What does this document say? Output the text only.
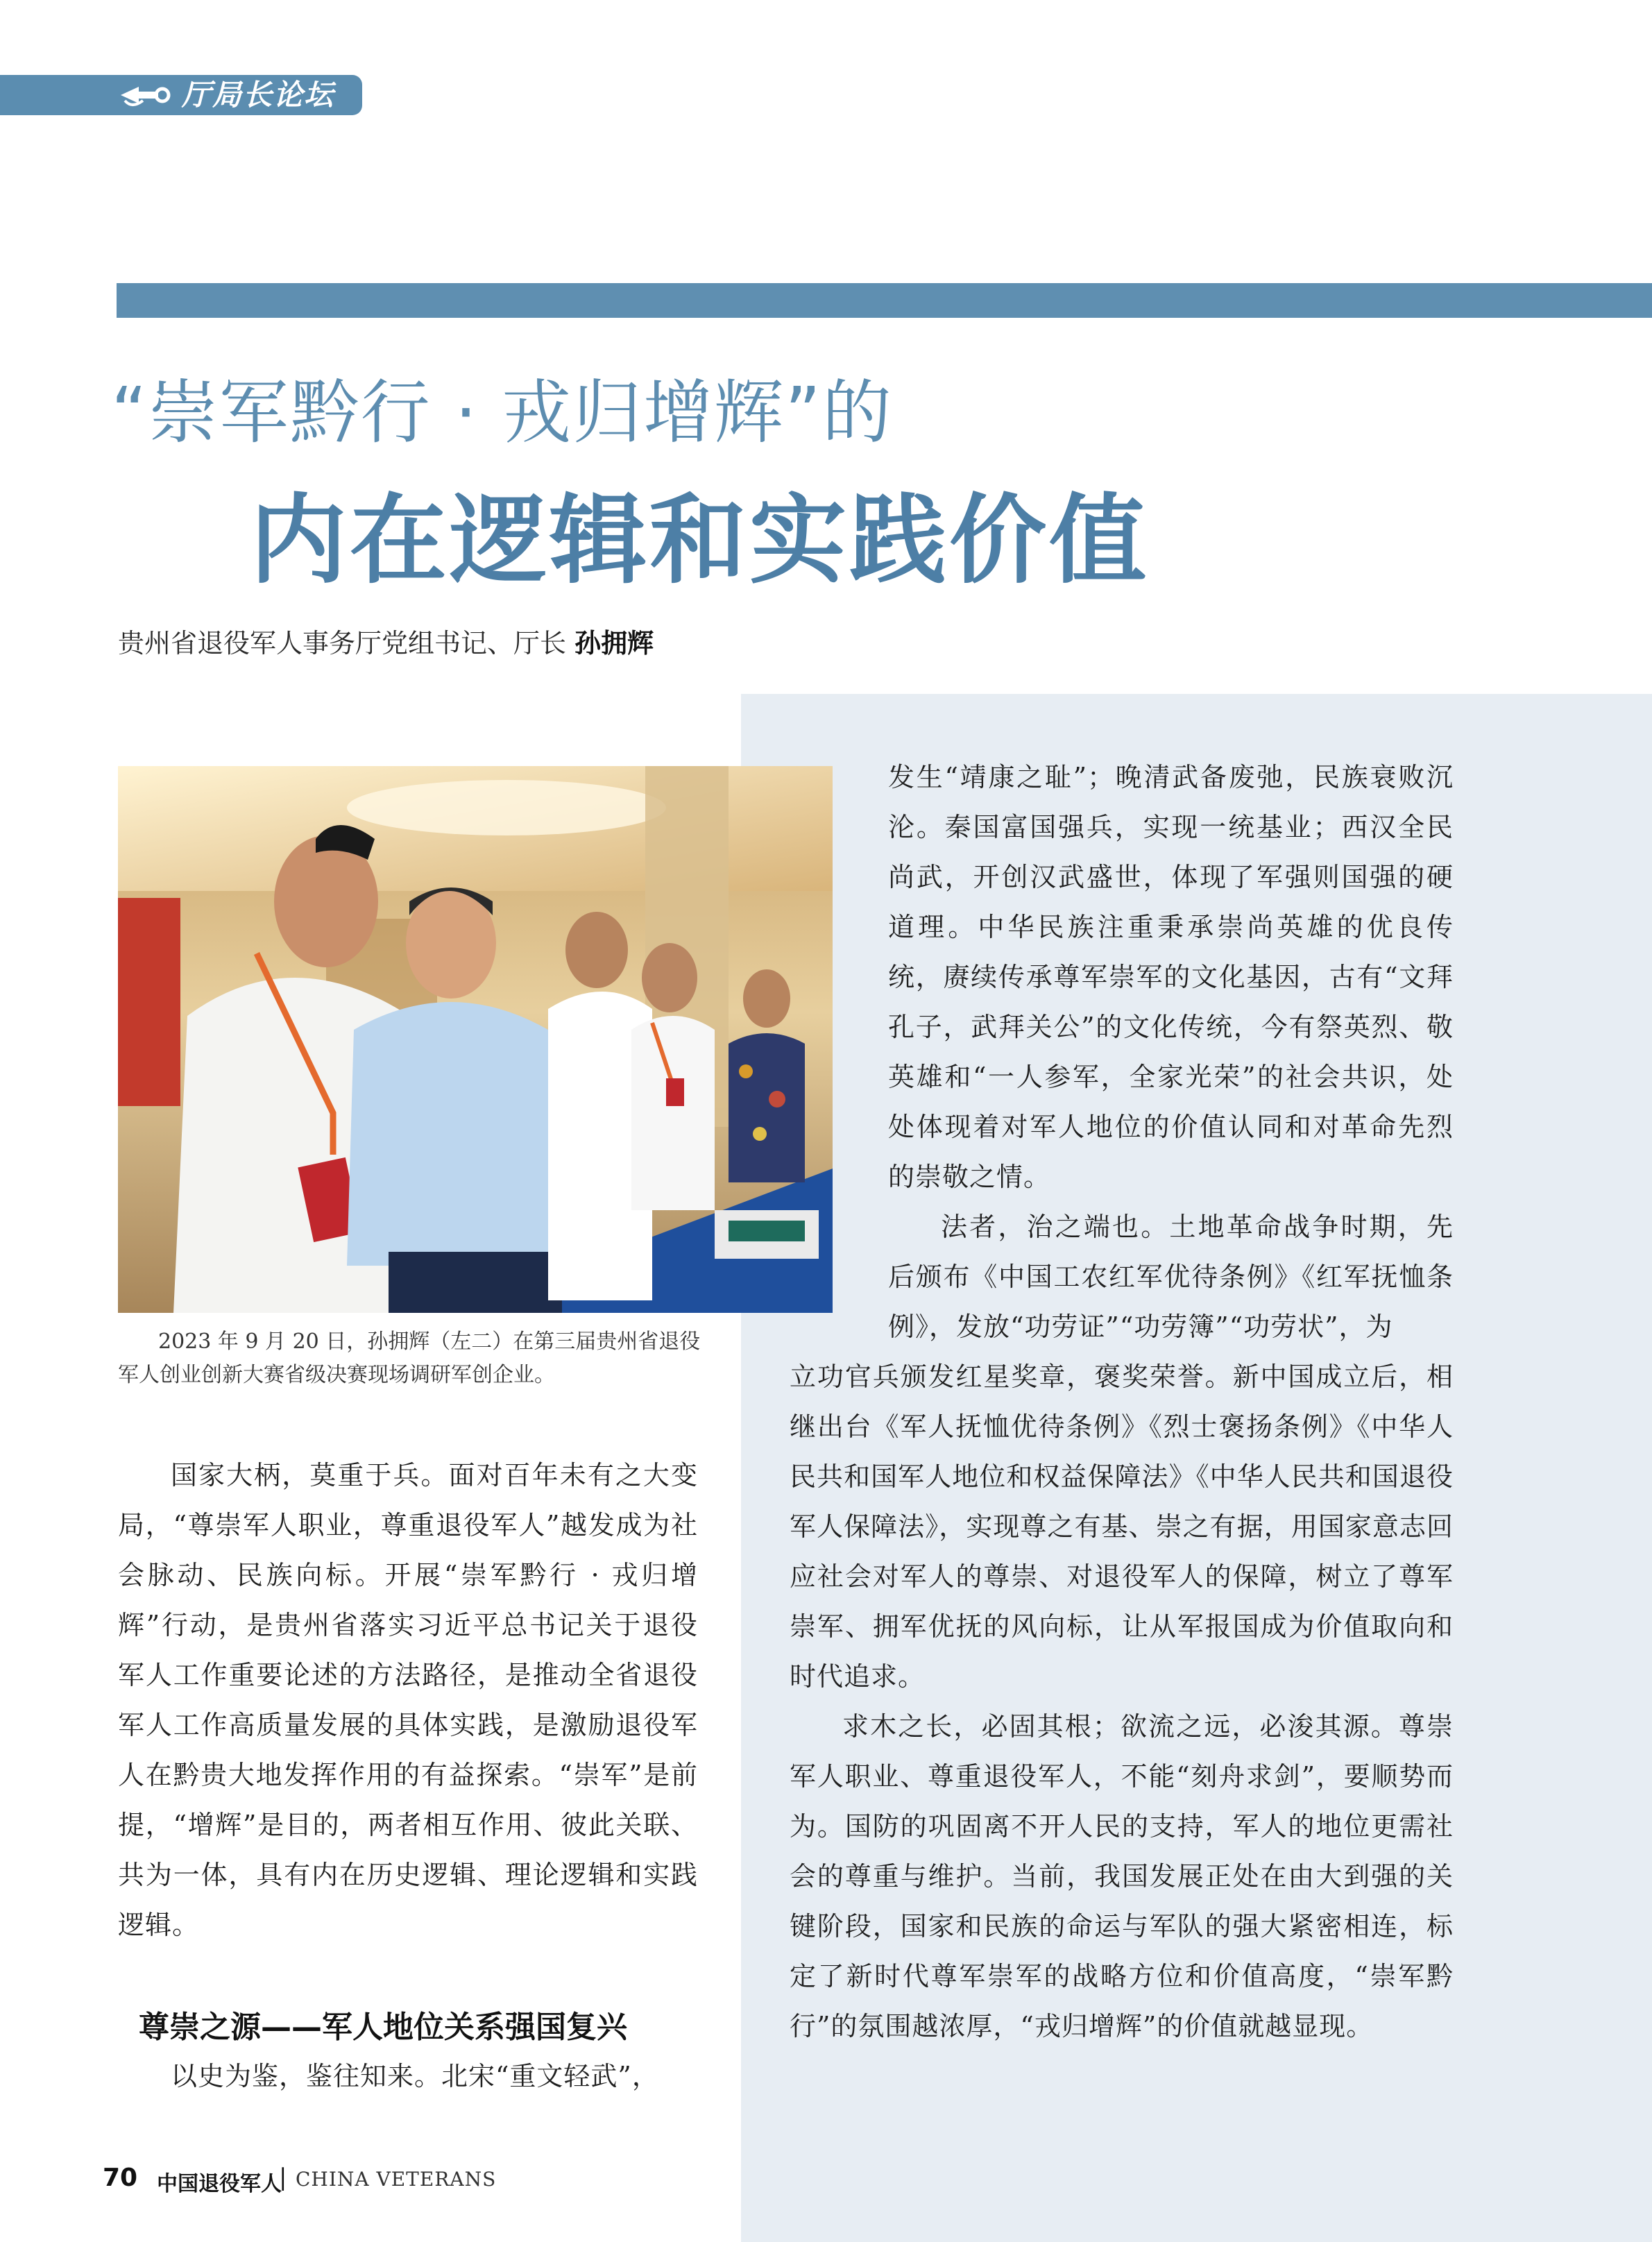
厅局长论坛
“崇军黔行 · 戎归增辉”的
内在逻辑和实践价值
贵州省退役军人事务厅党组书记、厅长 孙拥辉
2023 年 9 月 20 日，孙拥辉（左二）在第三届贵州省退役军人创业创新大赛省级决赛现场调研军创企业。

国家大柄，莫重于兵。面对百年未有之大变局，“尊崇军人职业，尊重退役军人”越发成为社会脉动、民族向标。开展“崇军黔行 · 戎归增辉”行动，是贵州省落实习近平总书记关于退役军人工作重要论述的方法路径，是推动全省退役军人工作高质量发展的具体实践，是激励退役军人在黔贵大地发挥作用的有益探索。“崇军”是前提，“增辉”是目的，两者相互作用、彼此关联、共为一体，具有内在历史逻辑、理论逻辑和实践逻辑。

尊崇之源——军人地位关系强国复兴

以史为鉴，鉴往知来。北宋“重文轻武”，

发生“靖康之耻”；晚清武备废弛，民族衰败沉沦。秦国富国强兵，实现一统基业；西汉全民尚武，开创汉武盛世，体现了军强则国强的硬道理。中华民族注重秉承崇尚英雄的优良传统，赓续传承尊军崇军的文化基因，古有“文拜孔子，武拜关公”的文化传统，今有祭英烈、敬英雄和“一人参军，全家光荣”的社会共识，处处体现着对军人地位的价值认同和对革命先烈的崇敬之情。

法者，治之端也。土地革命战争时期，先后颁布《中国工农红军优待条例》《红军抚恤条例》，发放“功劳证”“功劳簿”“功劳状”，为

立功官兵颁发红星奖章，褒奖荣誉。新中国成立后，相继出台《军人抚恤优待条例》《烈士褒扬条例》《中华人民共和国军人地位和权益保障法》《中华人民共和国退役军人保障法》，实现尊之有基、崇之有据，用国家意志回应社会对军人的尊崇、对退役军人的保障，树立了尊军崇军、拥军优抚的风向标，让从军报国成为价值取向和时代追求。

求木之长，必固其根；欲流之远，必浚其源。尊崇军人职业、尊重退役军人，不能“刻舟求剑”，要顺势而为。国防的巩固离不开人民的支持，军人的地位更需社会的尊重与维护。当前，我国发展正处在由大到强的关键阶段，国家和民族的命运与军队的强大紧密相连，标定了新时代尊军崇军的战略方位和价值高度，“崇军黔行”的氛围越浓厚，“戎归增辉”的价值就越显现。

70 中国退役军人
| CHINA VETERANS
